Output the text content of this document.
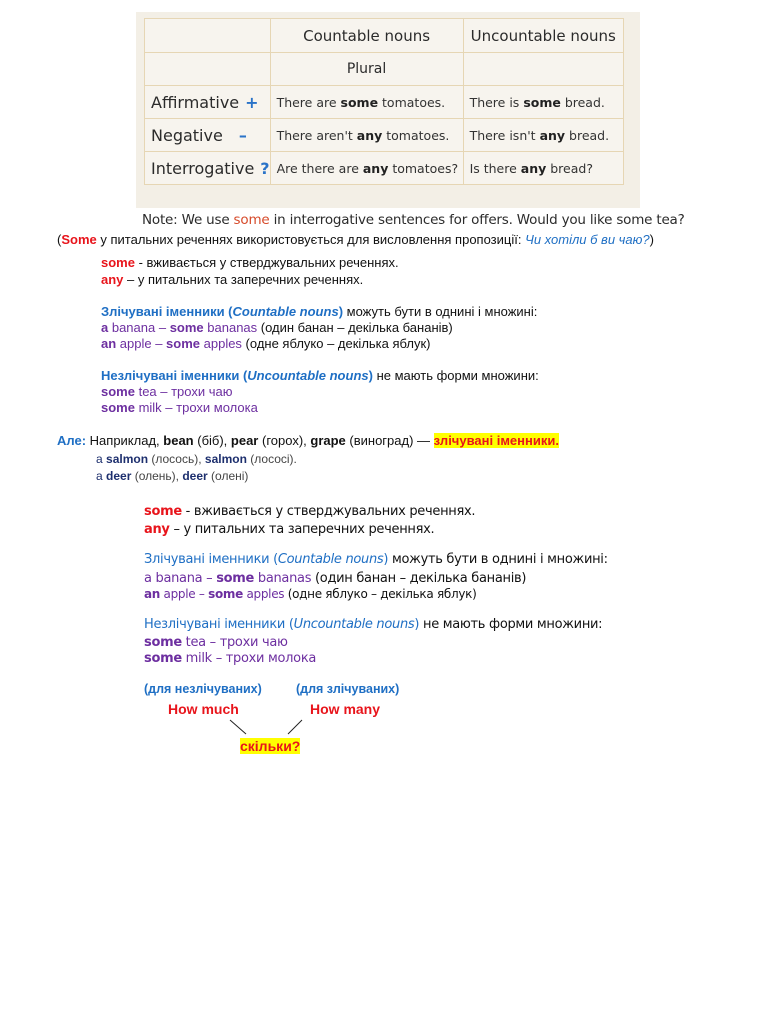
	Countable nouns	Uncountable nouns
	Plural	
Affirmative +	There are some tomatoes.	There is some bread.
Negative –	There aren't any tomatoes.	There isn't any bread.
Interrogative ?	Are there are any tomatoes?	Is there any bread?
Note: We use some in interrogative sentences for offers. Would you like some tea?
(Some у питальних реченнях використовується для висловлення пропозиції: Чи хотіли б ви чаю?)
some - вживається у стверджувальних реченнях.
any – у питальних та заперечних реченнях.
Злічувані іменники (Countable nouns) можуть бути в однині і множині:
a banana – some bananas (один банан – декілька бананів)
an apple – some apples (одне яблуко – декілька яблук)
Незлічувані іменники (Uncountable nouns) не мають форми множини:
some tea – трохи чаю
some milk – трохи молока
Але: Наприклад, bean (біб), pear (горох), grape (виноград) — злічувані іменники.
a salmon (лосось), salmon (лососі).
a deer (олень), deer (олені)
some - вживається у стверджувальних реченнях.
any – у питальних та заперечних реченнях.
Злічувані іменники (Countable nouns) можуть бути в однині і множині:
a banana – some bananas (один банан – декілька бананів)
an apple – some apples (одне яблуко – декілька яблук)
Незлічувані іменники (Uncountable nouns) не мають форми множини:
some tea – трохи чаю
some milk – трохи молока
(для незлічуваних)	(для злічуваних)
How much	How many
скільки?
